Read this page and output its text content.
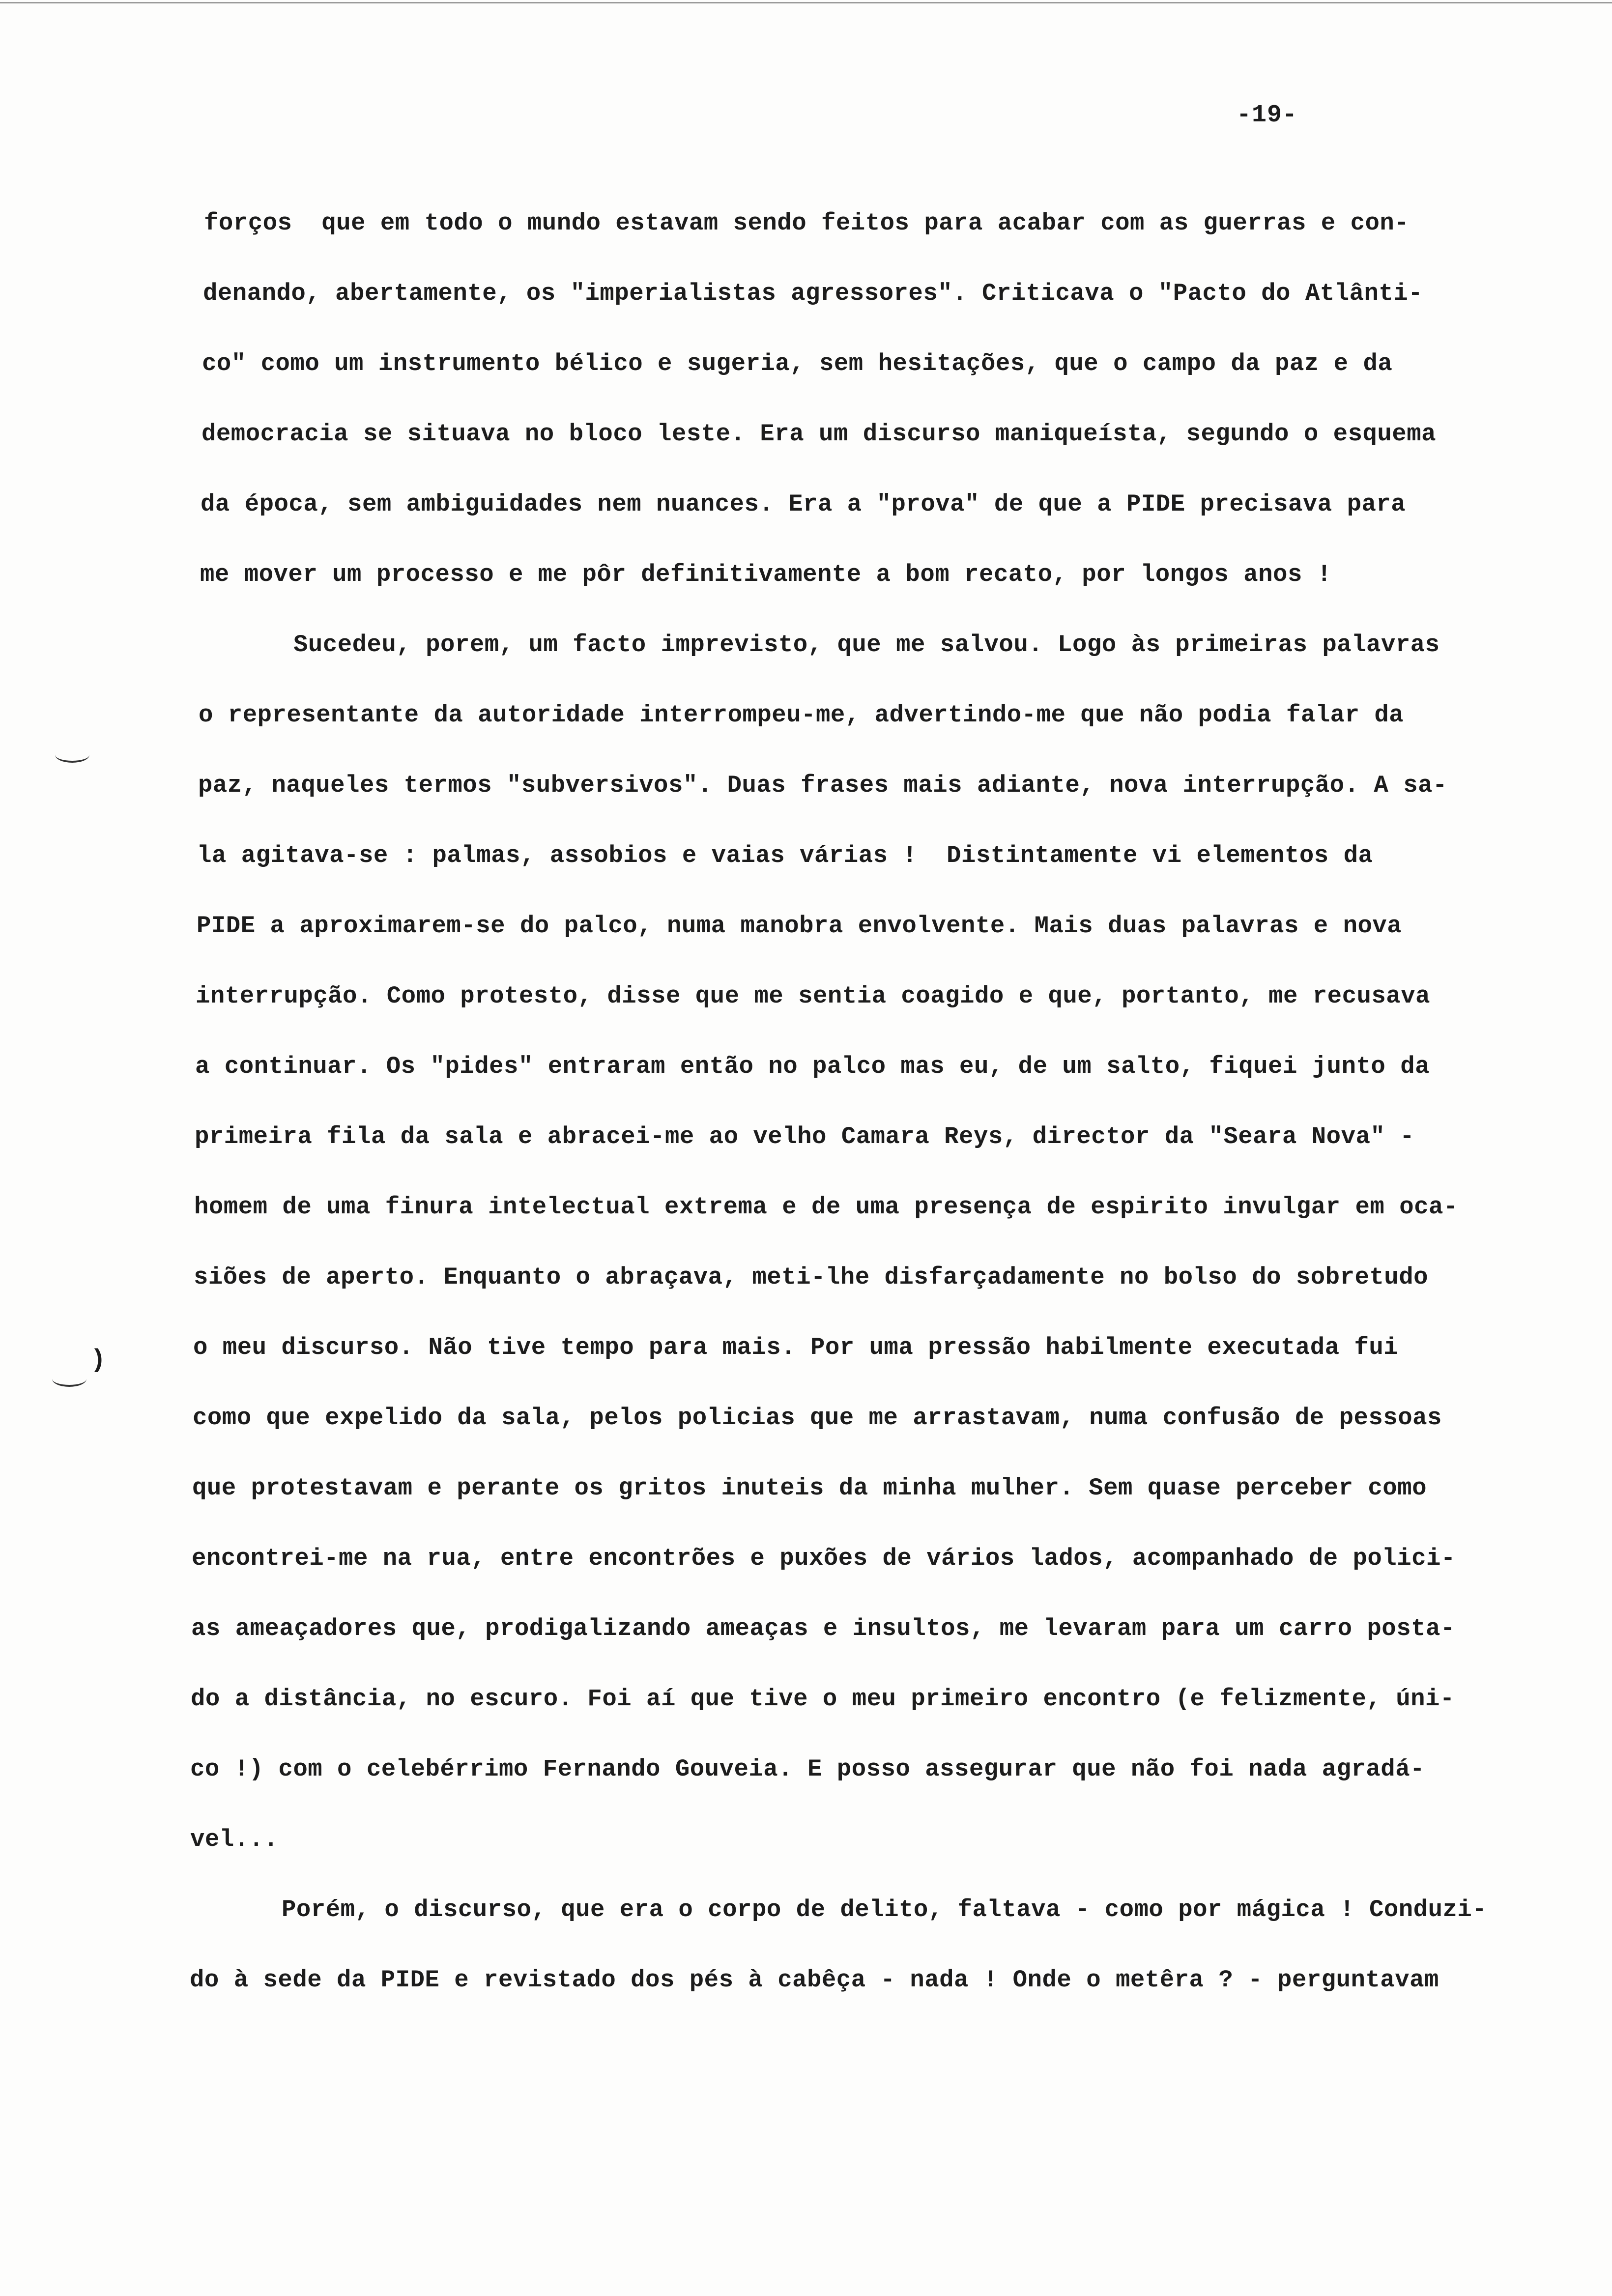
-19-
forços  que em todo o mundo estavam sendo feitos para acabar com as guerras e con-
denando, abertamente, os "imperialistas agressores". Criticava o "Pacto do Atlânti-
co" como um instrumento bélico e sugeria, sem hesitações, que o campo da paz e da
democracia se situava no bloco leste. Era um discurso maniqueísta, segundo o esquema
da época, sem ambiguidades nem nuances. Era a "prova" de que a PIDE precisava para
me mover um processo e me pôr definitivamente a bom recato, por longos anos !
Sucedeu, porem, um facto imprevisto, que me salvou. Logo às primeiras palavras
o representante da autoridade interrompeu-me, advertindo-me que não podia falar da
paz, naqueles termos "subversivos". Duas frases mais adiante, nova interrupção. A sa-
la agitava-se : palmas, assobios e vaias várias !  Distintamente vi elementos da
PIDE a aproximarem-se do palco, numa manobra envolvente. Mais duas palavras e nova
interrupção. Como protesto, disse que me sentia coagido e que, portanto, me recusava
a continuar. Os "pides" entraram então no palco mas eu, de um salto, fiquei junto da
primeira fila da sala e abracei-me ao velho Camara Reys, director da "Seara Nova" -
homem de uma finura intelectual extrema e de uma presença de espirito invulgar em oca-
siões de aperto. Enquanto o abraçava, meti-lhe disfarçadamente no bolso do sobretudo
o meu discurso. Não tive tempo para mais. Por uma pressão habilmente executada fui
como que expelido da sala, pelos policias que me arrastavam, numa confusão de pessoas
que protestavam e perante os gritos inuteis da minha mulher. Sem quase perceber como
encontrei-me na rua, entre encontrões e puxões de vários lados, acompanhado de polici-
as ameaçadores que, prodigalizando ameaças e insultos, me levaram para um carro posta-
do a distância, no escuro. Foi aí que tive o meu primeiro encontro (e felizmente, úni-
co !) com o celebérrimo Fernando Gouveia. E posso assegurar que não foi nada agradá-
vel...
Porém, o discurso, que era o corpo de delito, faltava - como por mágica ! Conduzi-
do à sede da PIDE e revistado dos pés à cabêça - nada ! Onde o metêra ? - perguntavam
)
